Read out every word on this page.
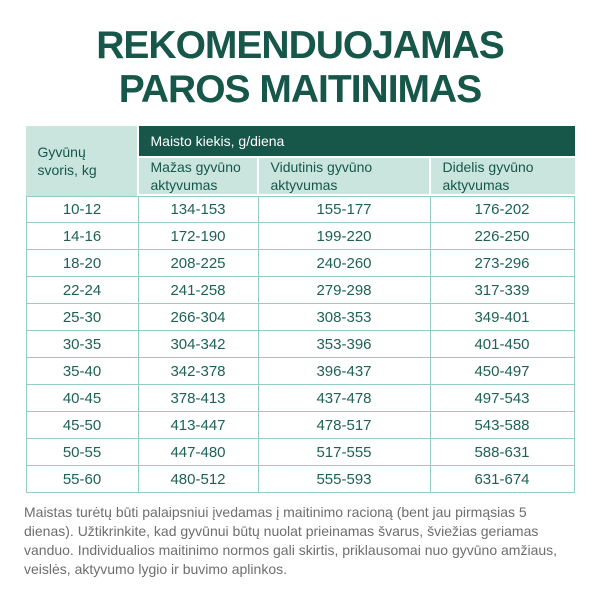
REKOMENDUOJAMAS
PAROS MAITINIMAS
Gyvūnų svoris, kg	Maisto kiekis, g/diena		
	Mažas gyvūno aktyvumas	Vidutinis gyvūno aktyvumas	Didelis gyvūno aktyvumas
10-12	134-153	155-177	176-202
14-16	172-190	199-220	226-250
18-20	208-225	240-260	273-296
22-24	241-258	279-298	317-339
25-30	266-304	308-353	349-401
30-35	304-342	353-396	401-450
35-40	342-378	396-437	450-497
40-45	378-413	437-478	497-543
45-50	413-447	478-517	543-588
50-55	447-480	517-555	588-631
55-60	480-512	555-593	631-674

Maistas turėtų būti palaipsniui įvedamas į maitinimo racioną (bent jau pirmąsias 5 dienas). Užtikrinkite, kad gyvūnui būtų nuolat prieinamas švarus, šviežias geriamas vanduo. Individualios maitinimo normos gali skirtis, priklausomai nuo gyvūno amžiaus, veislės, aktyvumo lygio ir buvimo aplinkos.
